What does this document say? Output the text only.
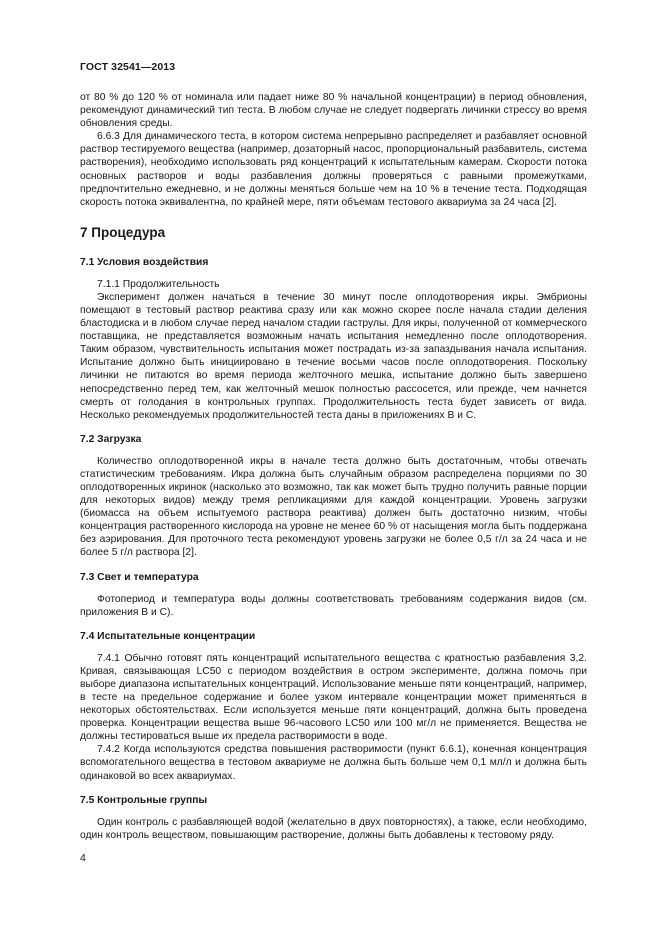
ГОСТ 32541—2013

от 80 % до 120 % от номинала или падает ниже 80 % начальной концентрации) в период обновления, рекомендуют динамический тип теста. В любом случае не следует подвергать личинки стрессу во время обновления среды.

6.6.3 Для динамического теста, в котором система непрерывно распределяет и разбавляет основной раствор тестируемого вещества (например, дозаторный насос, пропорциональный разбавитель, система растворения), необходимо использовать ряд концентраций к испытательным камерам. Скорости потока основных растворов и воды разбавления должны проверяться с равными промежутками, предпочтительно ежедневно, и не должны меняться больше чем на 10 % в течение теста. Подходящая скорость потока эквивалентна, по крайней мере, пяти объемам тестового аквариума за 24 часа [2].

7 Процедура
7.1 Условия воздействия
7.1.1 Продолжительность

Эксперимент должен начаться в течение 30 минут после оплодотворения икры. Эмбрионы помещают в тестовый раствор реактива сразу или как можно скорее после начала стадии деления бластодиска и в любом случае перед началом стадии гаструлы. Для икры, полученной от коммерческого поставщика, не представляется возможным начать испытания немедленно после оплодотворения. Таким образом, чувствительность испытания может пострадать из-за запаздывания начала испытания. Испытание должно быть инициировано в течение восьми часов после оплодотворения. Поскольку личинки не питаются во время периода желточного мешка, испытание должно быть завершено непосредственно перед тем, как желточный мешок полностью рассосется, или прежде, чем начнется смерть от голодания в контрольных группах. Продолжительность теста будет зависеть от вида. Несколько рекомендуемых продолжительностей теста даны в приложениях В и С.

7.2 Загрузка

Количество оплодотворенной икры в начале теста должно быть достаточным, чтобы отвечать статистическим требованиям. Икра должна быть случайным образом распределена порциями по 30 оплодотворенных икринок (насколько это возможно, так как может быть трудно получить равные порции для некоторых видов) между тремя репликациями для каждой концентрации. Уровень загрузки (биомасса на объем испытуемого раствора реактива) должен быть достаточно низким, чтобы концентрация растворенного кислорода на уровне не менее 60 % от насыщения могла быть поддержана без аэрирования. Для проточного теста рекомендуют уровень загрузки не более 0,5 г/л за 24 часа и не более 5 г/л раствора [2].

7.3 Свет и температура

Фотопериод и температура воды должны соответствовать требованиям содержания видов (см. приложения В и С).

7.4 Испытательные концентрации

7.4.1 Обычно готовят пять концентраций испытательного вещества с кратностью разбавления 3,2. Кривая, связывающая LC50 с периодом воздействия в остром эксперименте, должна помочь при выборе диапазона испытательных концентраций. Использование меньше пяти концентраций, например, в тесте на предельное содержание и более узком интервале концентрации может применяться в некоторых обстоятельствах. Если используется меньше пяти концентраций, должна быть проведена проверка. Концентрации вещества выше 96-часового LC50 или 100 мг/л не применяется. Вещества не должны тестироваться выше их предела растворимости в воде.

7.4.2 Когда используются средства повышения растворимости (пункт 6.6.1), конечная концентрация вспомогательного вещества в тестовом аквариуме не должна быть больше чем 0,1 мл/л и должна быть одинаковой во всех аквариумах.

7.5 Контрольные группы

Один контроль с разбавляющей водой (желательно в двух повторностях), а также, если необходимо, один контроль веществом, повышающим растворение, должны быть добавлены к тестовому ряду.

4
